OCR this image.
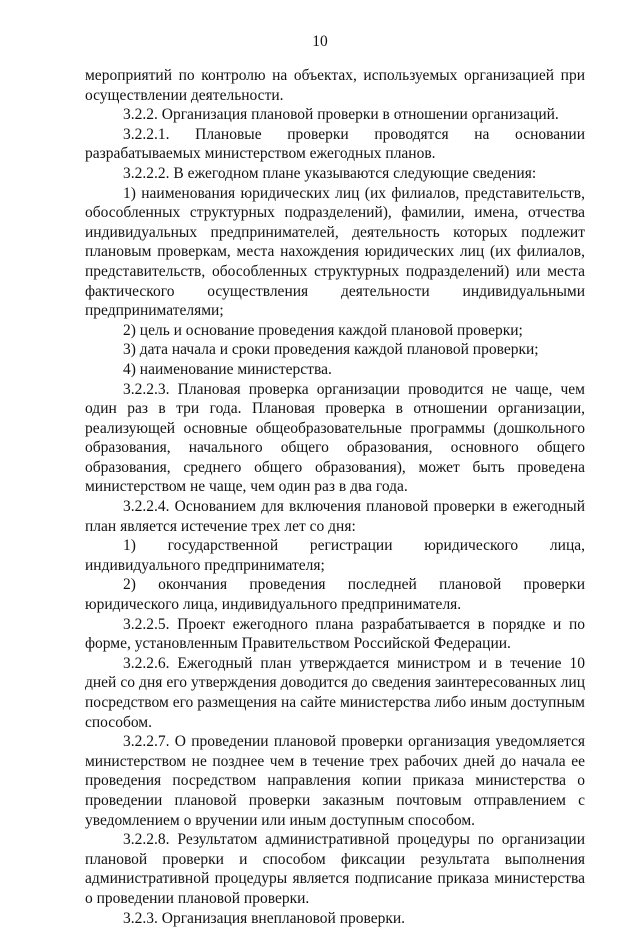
10

мероприятий по контролю на объектах, используемых организацией при осуществлении деятельности.

3.2.2. Организация плановой проверки в отношении организаций.

3.2.2.1. Плановые проверки проводятся на основании разрабатываемых министерством ежегодных планов.

3.2.2.2. В ежегодном плане указываются следующие сведения:

1) наименования юридических лиц (их филиалов, представительств, обособленных структурных подразделений), фамилии, имена, отчества индивидуальных предпринимателей, деятельность которых подлежит плановым проверкам, места нахождения юридических лиц (их филиалов, представительств, обособленных структурных подразделений) или места фактического осуществления деятельности индивидуальными предпринимателями;

2) цель и основание проведения каждой плановой проверки;

3) дата начала и сроки проведения каждой плановой проверки;

4) наименование министерства.

3.2.2.3. Плановая проверка организации проводится не чаще, чем один раз в три года. Плановая проверка в отношении организации, реализующей основные общеобразовательные программы (дошкольного образования, начального общего образования, основного общего образования, среднего общего образования), может быть проведена министерством не чаще, чем один раз в два года.

3.2.2.4. Основанием для включения плановой проверки в ежегодный план является истечение трех лет со дня:

1) государственной регистрации юридического лица, индивидуального предпринимателя;

2) окончания проведения последней плановой проверки юридического лица, индивидуального предпринимателя.

3.2.2.5. Проект ежегодного плана разрабатывается в порядке и по форме, установленным Правительством Российской Федерации.

3.2.2.6. Ежегодный план утверждается министром и в течение 10 дней со дня его утверждения доводится до сведения заинтересованных лиц посредством его размещения на сайте министерства либо иным доступным способом.

3.2.2.7. О проведении плановой проверки организация уведомляется министерством не позднее чем в течение трех рабочих дней до начала ее проведения посредством направления копии приказа министерства о проведении плановой проверки заказным почтовым отправлением с уведомлением о вручении или иным доступным способом.

3.2.2.8. Результатом административной процедуры по организации плановой проверки и способом фиксации результата выполнения административной процедуры является подписание приказа министерства о проведении плановой проверки.

3.2.3. Организация внеплановой проверки.
